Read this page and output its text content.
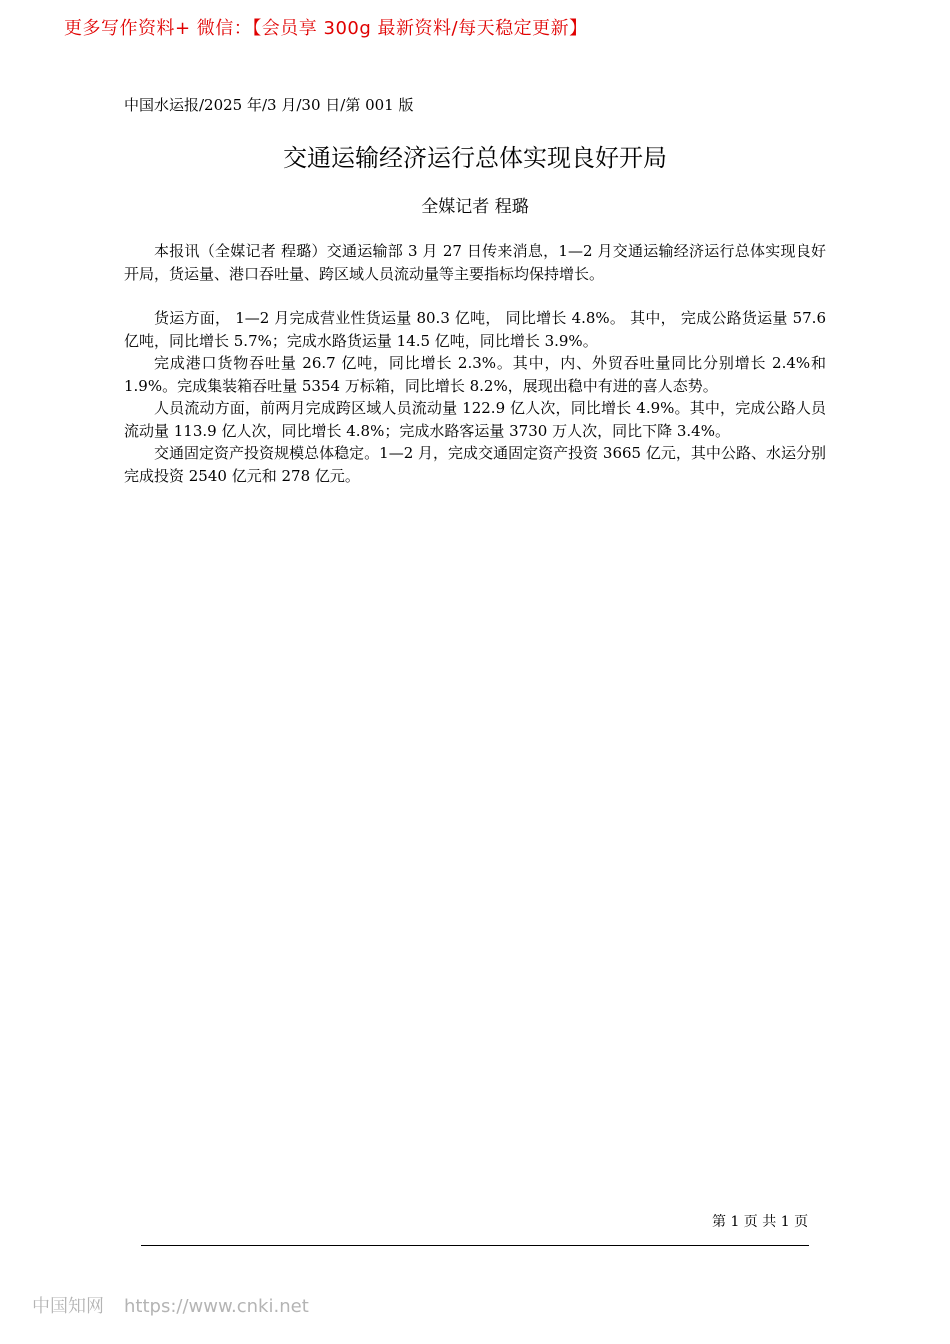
更多写作资料+ 微信：【会员享 300g 最新资料/每天稳定更新】
中国水运报/2025 年/3 月/30 日/第 001 版
交通运输经济运行总体实现良好开局
全媒记者 程璐

本报讯（全媒记者 程璐）交通运输部 3 月 27 日传来消息，1—2 月交通运输经济运行总体实现良好开局，货运量、港口吞吐量、跨区域人员流动量等主要指标均保持增长。

货运方面， 1—2 月完成营业性货运量 80.3 亿吨， 同比增长 4.8%。 其中， 完成公路货运量 57.6 亿吨，同比增长 5.7%；完成水路货运量 14.5 亿吨，同比增长 3.9%。

完成港口货物吞吐量 26.7 亿吨，同比增长 2.3%。其中，内、外贸吞吐量同比分别增长 2.4%和 1.9%。完成集装箱吞吐量 5354 万标箱，同比增长 8.2%，展现出稳中有进的喜人态势。

人员流动方面，前两月完成跨区域人员流动量 122.9 亿人次，同比增长 4.9%。其中，完成公路人员流动量 113.9 亿人次，同比增长 4.8%；完成水路客运量 3730 万人次，同比下降 3.4%。

交通固定资产投资规模总体稳定。1—2 月，完成交通固定资产投资 3665 亿元，其中公路、水运分别完成投资 2540 亿元和 278 亿元。

第 1 页 共 1 页
中国知网 https://www.cnki.net
